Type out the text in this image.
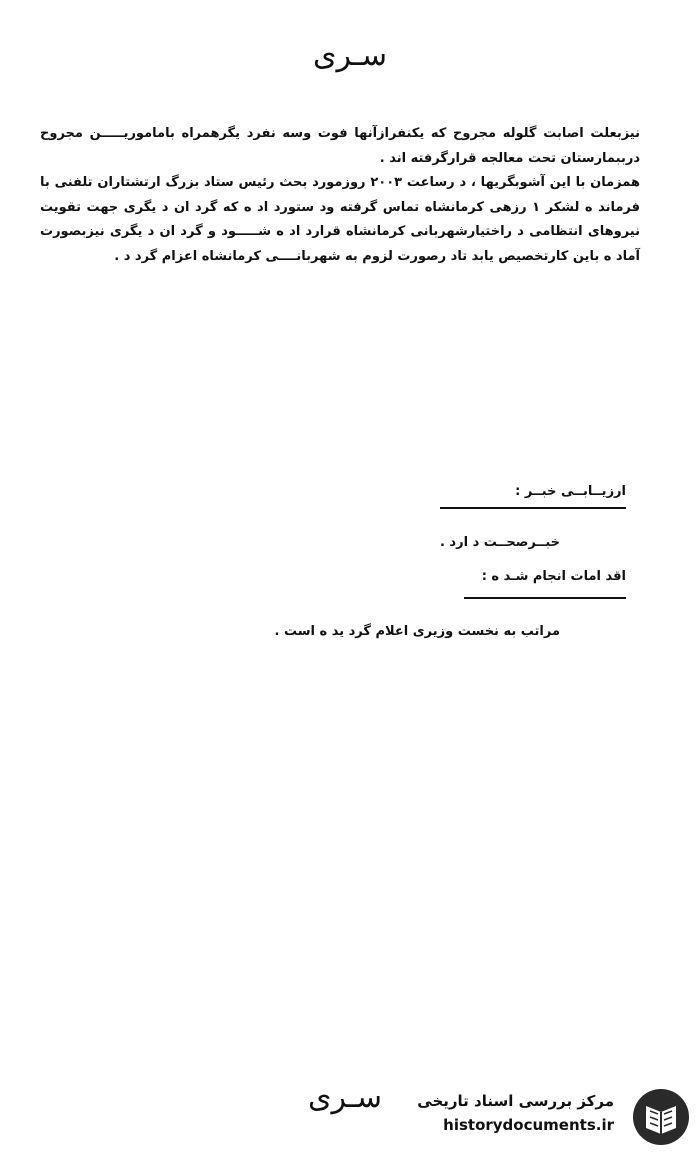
سـری

نیزبعلت اصابت گلوله مجروح که یکنفرازآنها فوت وسه نفرد یگرهمراه باماموریـــــن مجروح درببمارستان تحت معالجه قرارگرفته اند .

همزمان با این آشوبگریها ، د رساعت ۲۰۰۳ روزمورد بحث رئیس ستاد بزرگ ارتشتاران تلفنی با فرماند ه لشکر ۱ رزهی کرمانشاه تماس گرفته ود ستورد اد ه که گرد ان د یگری جهت تقویت نیروهای انتظامی د راختیارشهربانی کرمانشاه قرارد اد ه شـــــود و گرد ان د یگری نیزبصورت آماد ه باین کارتخصیص یابد تاد رصورت لزوم به شهربانــــی کرمانشاه اعزام گرد د .

ارزیــابــی خبــر :
خبــرصحــت د ارد .
اقد امات انجام شـد ه :
مراتب به نخست وزیری اعلام گرد ید ه است .
سـری	مرکز بررسی اسناد تاریخی
historydocuments.ir
